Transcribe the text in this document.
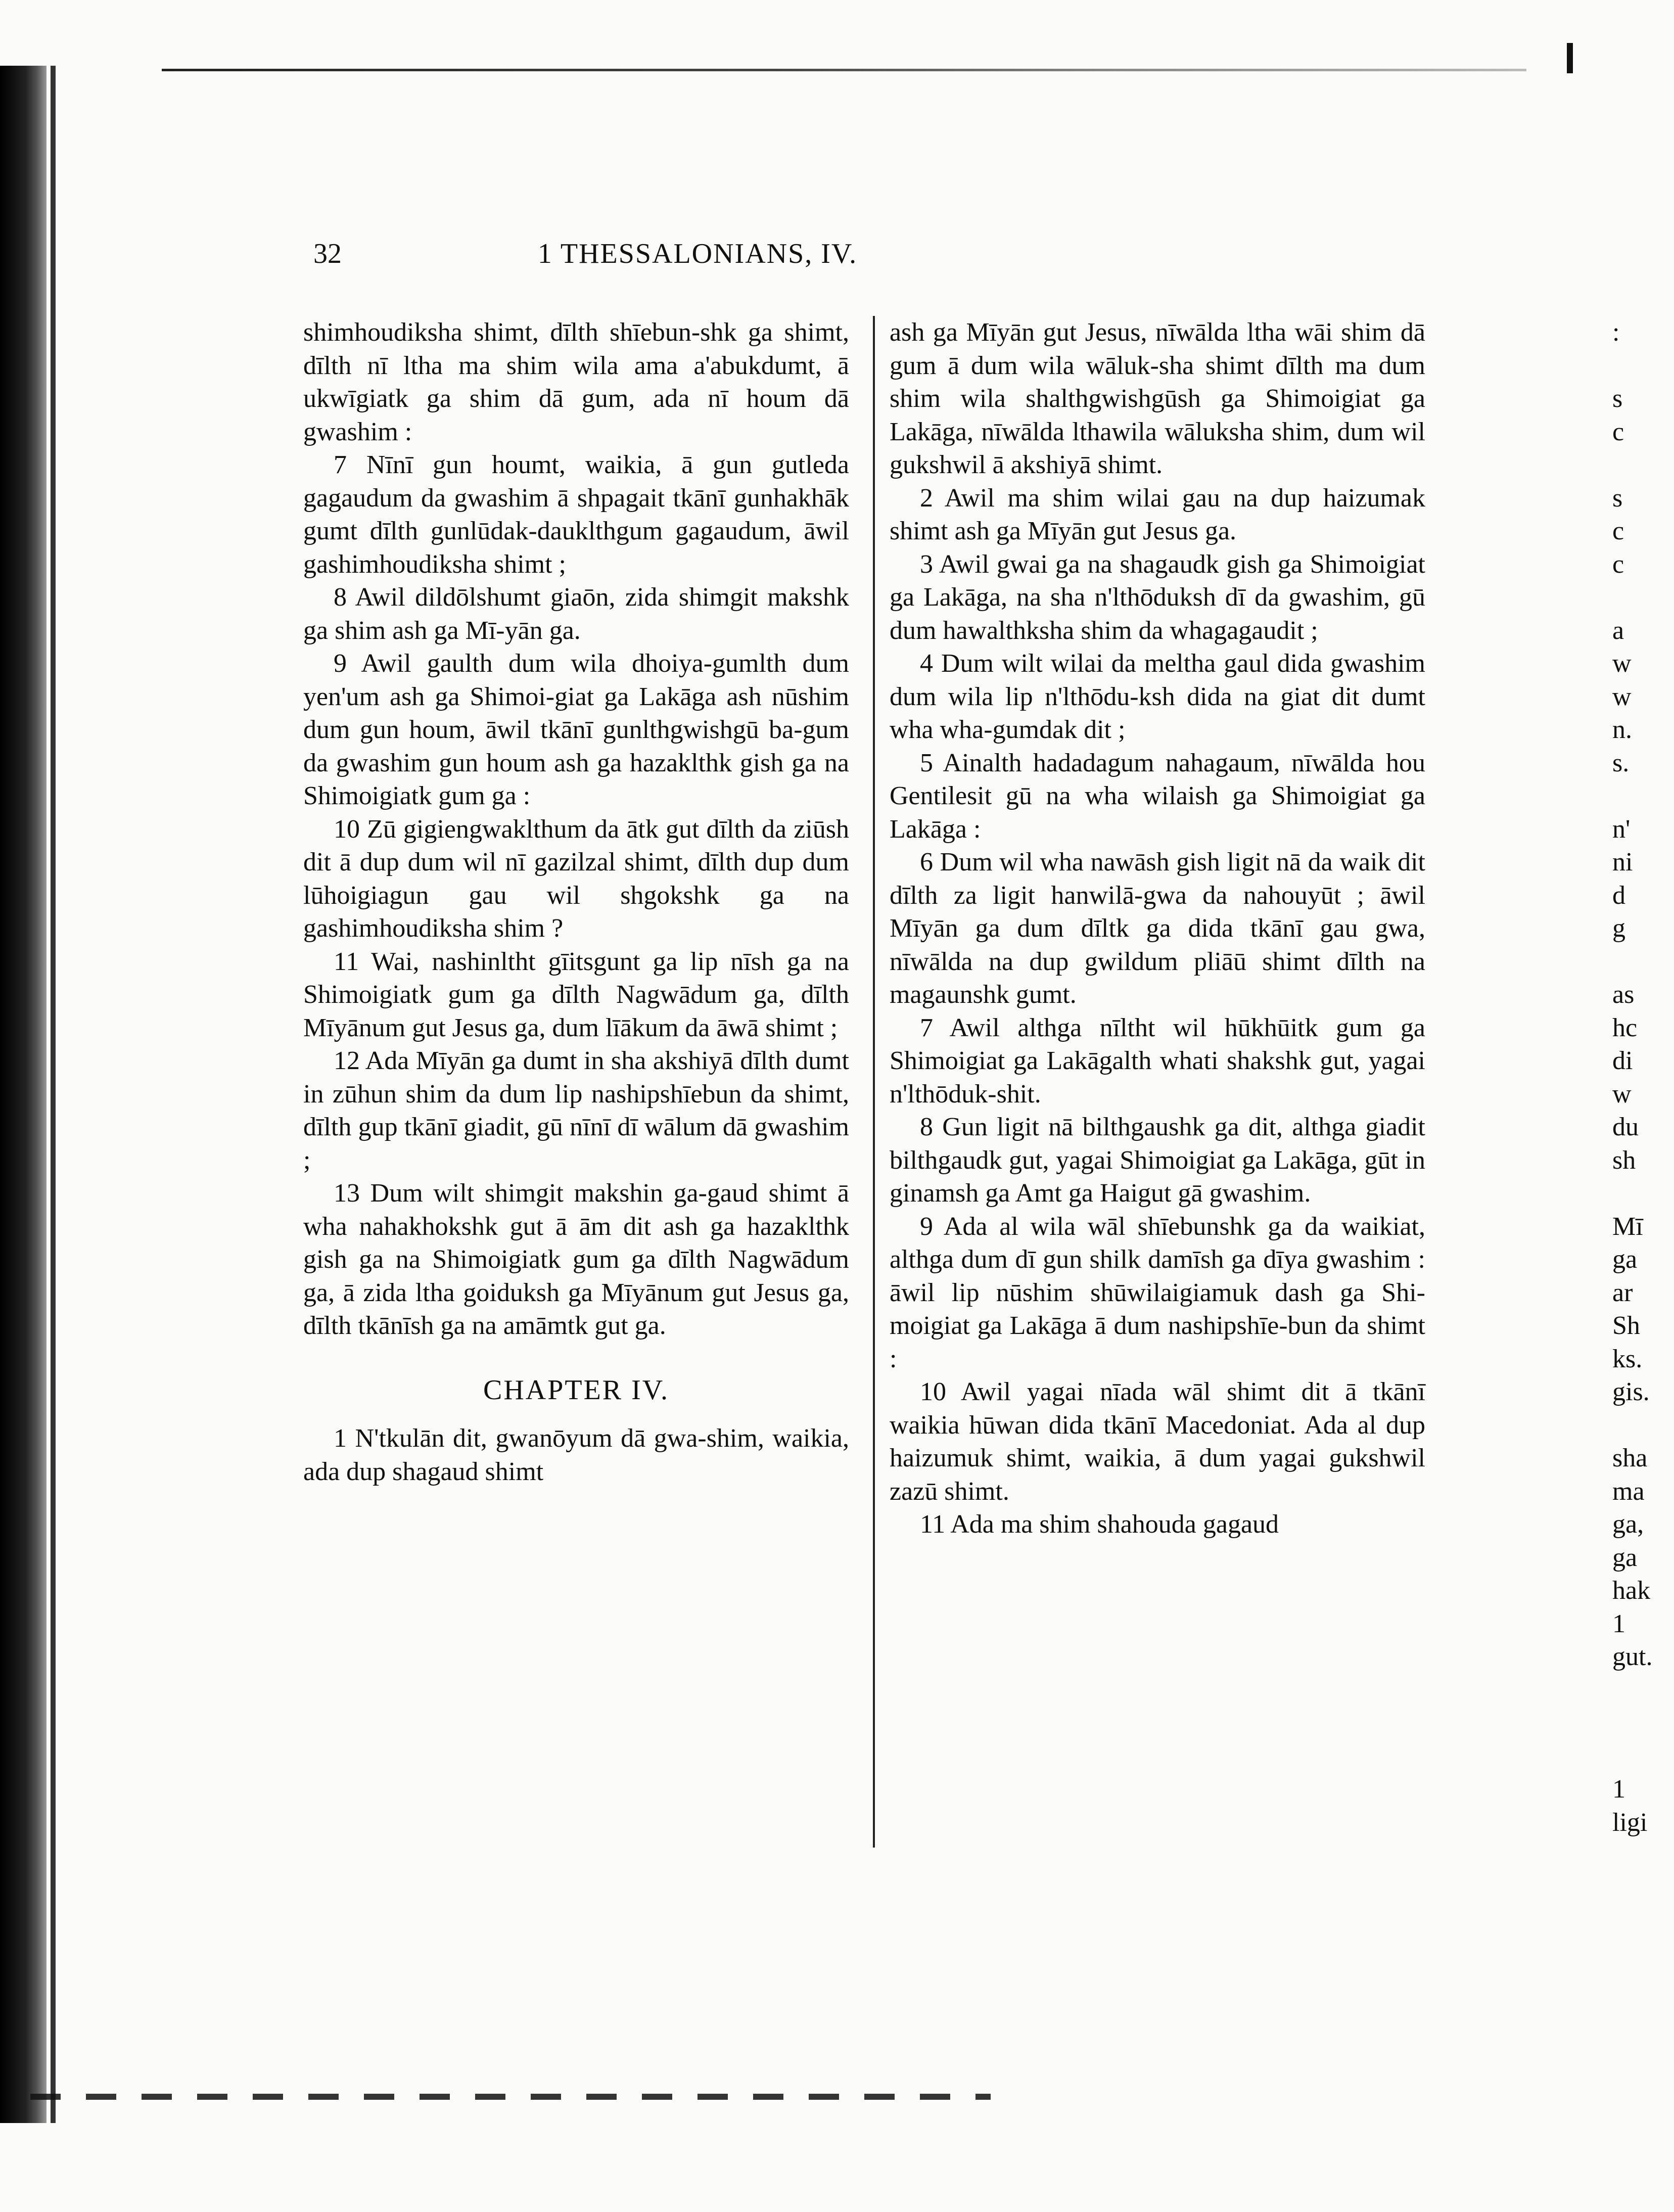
32	1 THESSALONIANS, IV.

shimhoudiksha shimt, dīlth shīebun-shk ga shimt, dīlth nī ltha ma shim wila ama a'abukdumt, ā ukwīgiatk ga shim dā gum, ada nī houm dā gwashim :

7 Nīnī gun houmt, waikia, ā gun gutleda gagaudum da gwashim ā shpagait tkānī gunhakhāk gumt dīlth gunlūdak-dauklthgum gagaudum, āwil gashimhoudiksha shimt ;

8 Awil dildōlshumt giaōn, zida shimgit makshk ga shim ash ga Mī-yān ga.

9 Awil gaulth dum wila dhoiya-gumlth dum yen'um ash ga Shimoi-giat ga Lakāga ash nūshim dum gun houm, āwil tkānī gunlthgwishgū ba-gum da gwashim gun houm ash ga hazaklthk gish ga na Shimoigiatk gum ga :

10 Zū gigiengwaklthum da ātk gut dīlth da ziūsh dit ā dup dum wil nī gazilzal shimt, dīlth dup dum lūhoigiagun gau wil shgokshk ga na gashimhoudiksha shim ?

11 Wai, nashinltht gīitsgunt ga lip nīsh ga na Shimoigiatk gum ga dīlth Nagwādum ga, dīlth Mīyānum gut Jesus ga, dum līākum da āwā shimt ;

12 Ada Mīyān ga dumt in sha akshiyā dīlth dumt in zūhun shim da dum lip nashipshīebun da shimt, dīlth gup tkānī giadit, gū nīnī dī wālum dā gwashim ;

13 Dum wilt shimgit makshin ga-gaud shimt ā wha nahakhokshk gut ā ām dit ash ga hazaklthk gish ga na Shimoigiatk gum ga dīlth Nagwādum ga, ā zida ltha goiduksh ga Mīyānum gut Jesus ga, dīlth tkānīsh ga na amāmtk gut ga.

CHAPTER IV.

1 N'tkulān dit, gwanōyum dā gwa-shim, waikia, ada dup shagaud shimt

ash ga Mīyān gut Jesus, nīwālda ltha wāi shim dā gum ā dum wila wāluk-sha shimt dīlth ma dum shim wila shalthgwishgūsh ga Shimoigiat ga Lakāga, nīwālda lthawila wāluksha shim, dum wil gukshwil ā akshiyā shimt.

2 Awil ma shim wilai gau na dup haizumak shimt ash ga Mīyān gut Jesus ga.

3 Awil gwai ga na shagaudk gish ga Shimoigiat ga Lakāga, na sha n'lthōduksh dī da gwashim, gū dum hawalthksha shim da whagagaudit ;

4 Dum wilt wilai da meltha gaul dida gwashim dum wila lip n'lthōdu-ksh dida na giat dit dumt wha wha-gumdak dit ;

5 Ainalth hadadagum nahagaum, nīwālda hou Gentilesit gū na wha wilaish ga Shimoigiat ga Lakāga :

6 Dum wil wha nawāsh gish ligit nā da waik dit dīlth za ligit hanwilā-gwa da nahouyūt ; āwil Mīyān ga dum dīltk ga dida tkānī gau gwa, nīwālda na dup gwildum pliāū shimt dīlth na magaunshk gumt.

7 Awil althga nīltht wil hūkhūitk gum ga Shimoigiat ga Lakāgalth whati shakshk gut, yagai n'lthōduk-shit.

8 Gun ligit nā bilthgaushk ga dit, althga giadit bilthgaudk gut, yagai Shimoigiat ga Lakāga, gūt in ginamsh ga Amt ga Haigut gā gwashim.

9 Ada al wila wāl shīebunshk ga da waikiat, althga dum dī gun shilk damīsh ga dīya gwashim : āwil lip nūshim shūwilaigiamuk dash ga Shi-moigiat ga Lakāga ā dum nashipshīe-bun da shimt :

10 Awil yagai nīada wāl shimt dit ā tkānī waikia hūwan dida tkānī Macedoniat. Ada al dup haizumuk shimt, waikia, ā dum yagai gukshwil zazū shimt.

11 Ada ma shim shahouda gagaud

:

s
c

s
c
c

a
w
w
n.
s.

n'
ni
d
g

as
hc
di
w
du
sh

Mī
ga
ar
Sh
ks.
gis.

sha
ma
ga,
ga
hak
1
gut.

1
ligi
